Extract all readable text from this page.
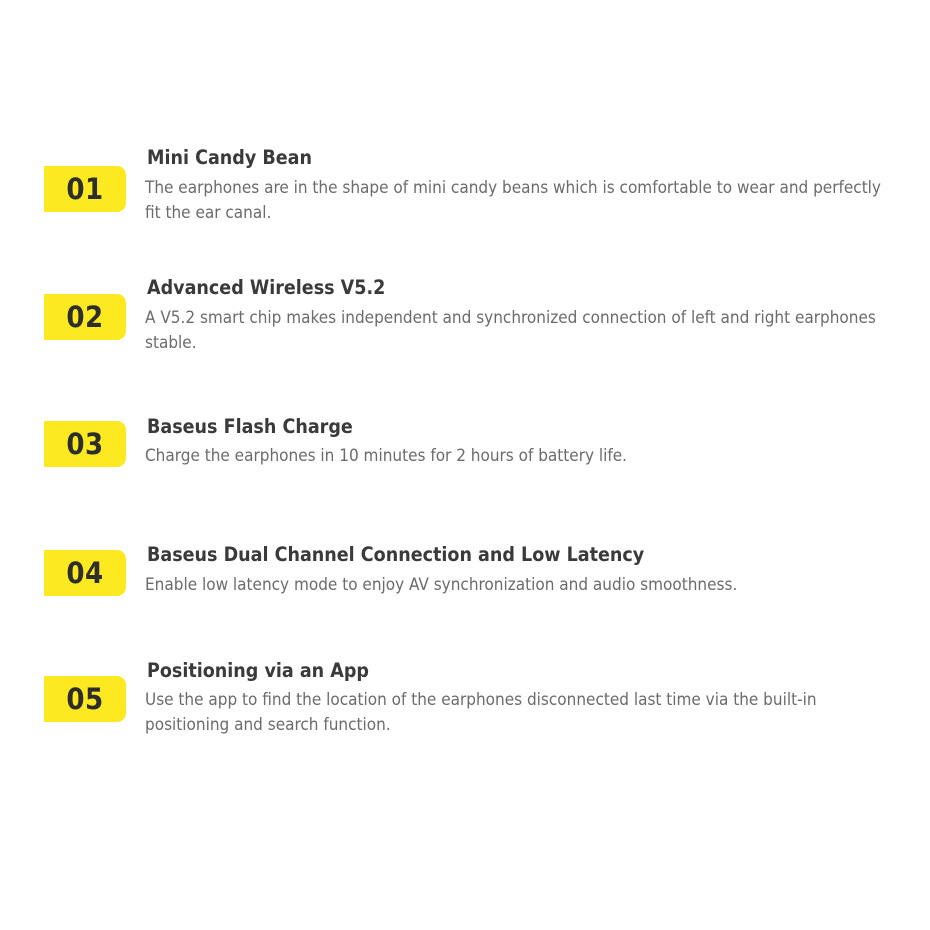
01
Mini Candy Bean
The earphones are in the shape of mini candy beans which is comfortable to wear and perfectly fit the ear canal.
02
Advanced Wireless V5.2
A V5.2 smart chip makes independent and synchronized connection of left and right earphones stable.
03
Baseus Flash Charge
Charge the earphones in 10 minutes for 2 hours of battery life.
04
Baseus Dual Channel Connection and Low Latency
Enable low latency mode to enjoy AV synchronization and audio smoothness.
05
Positioning via an App
Use the app to find the location of the earphones disconnected last time via the built-in positioning and search function.
